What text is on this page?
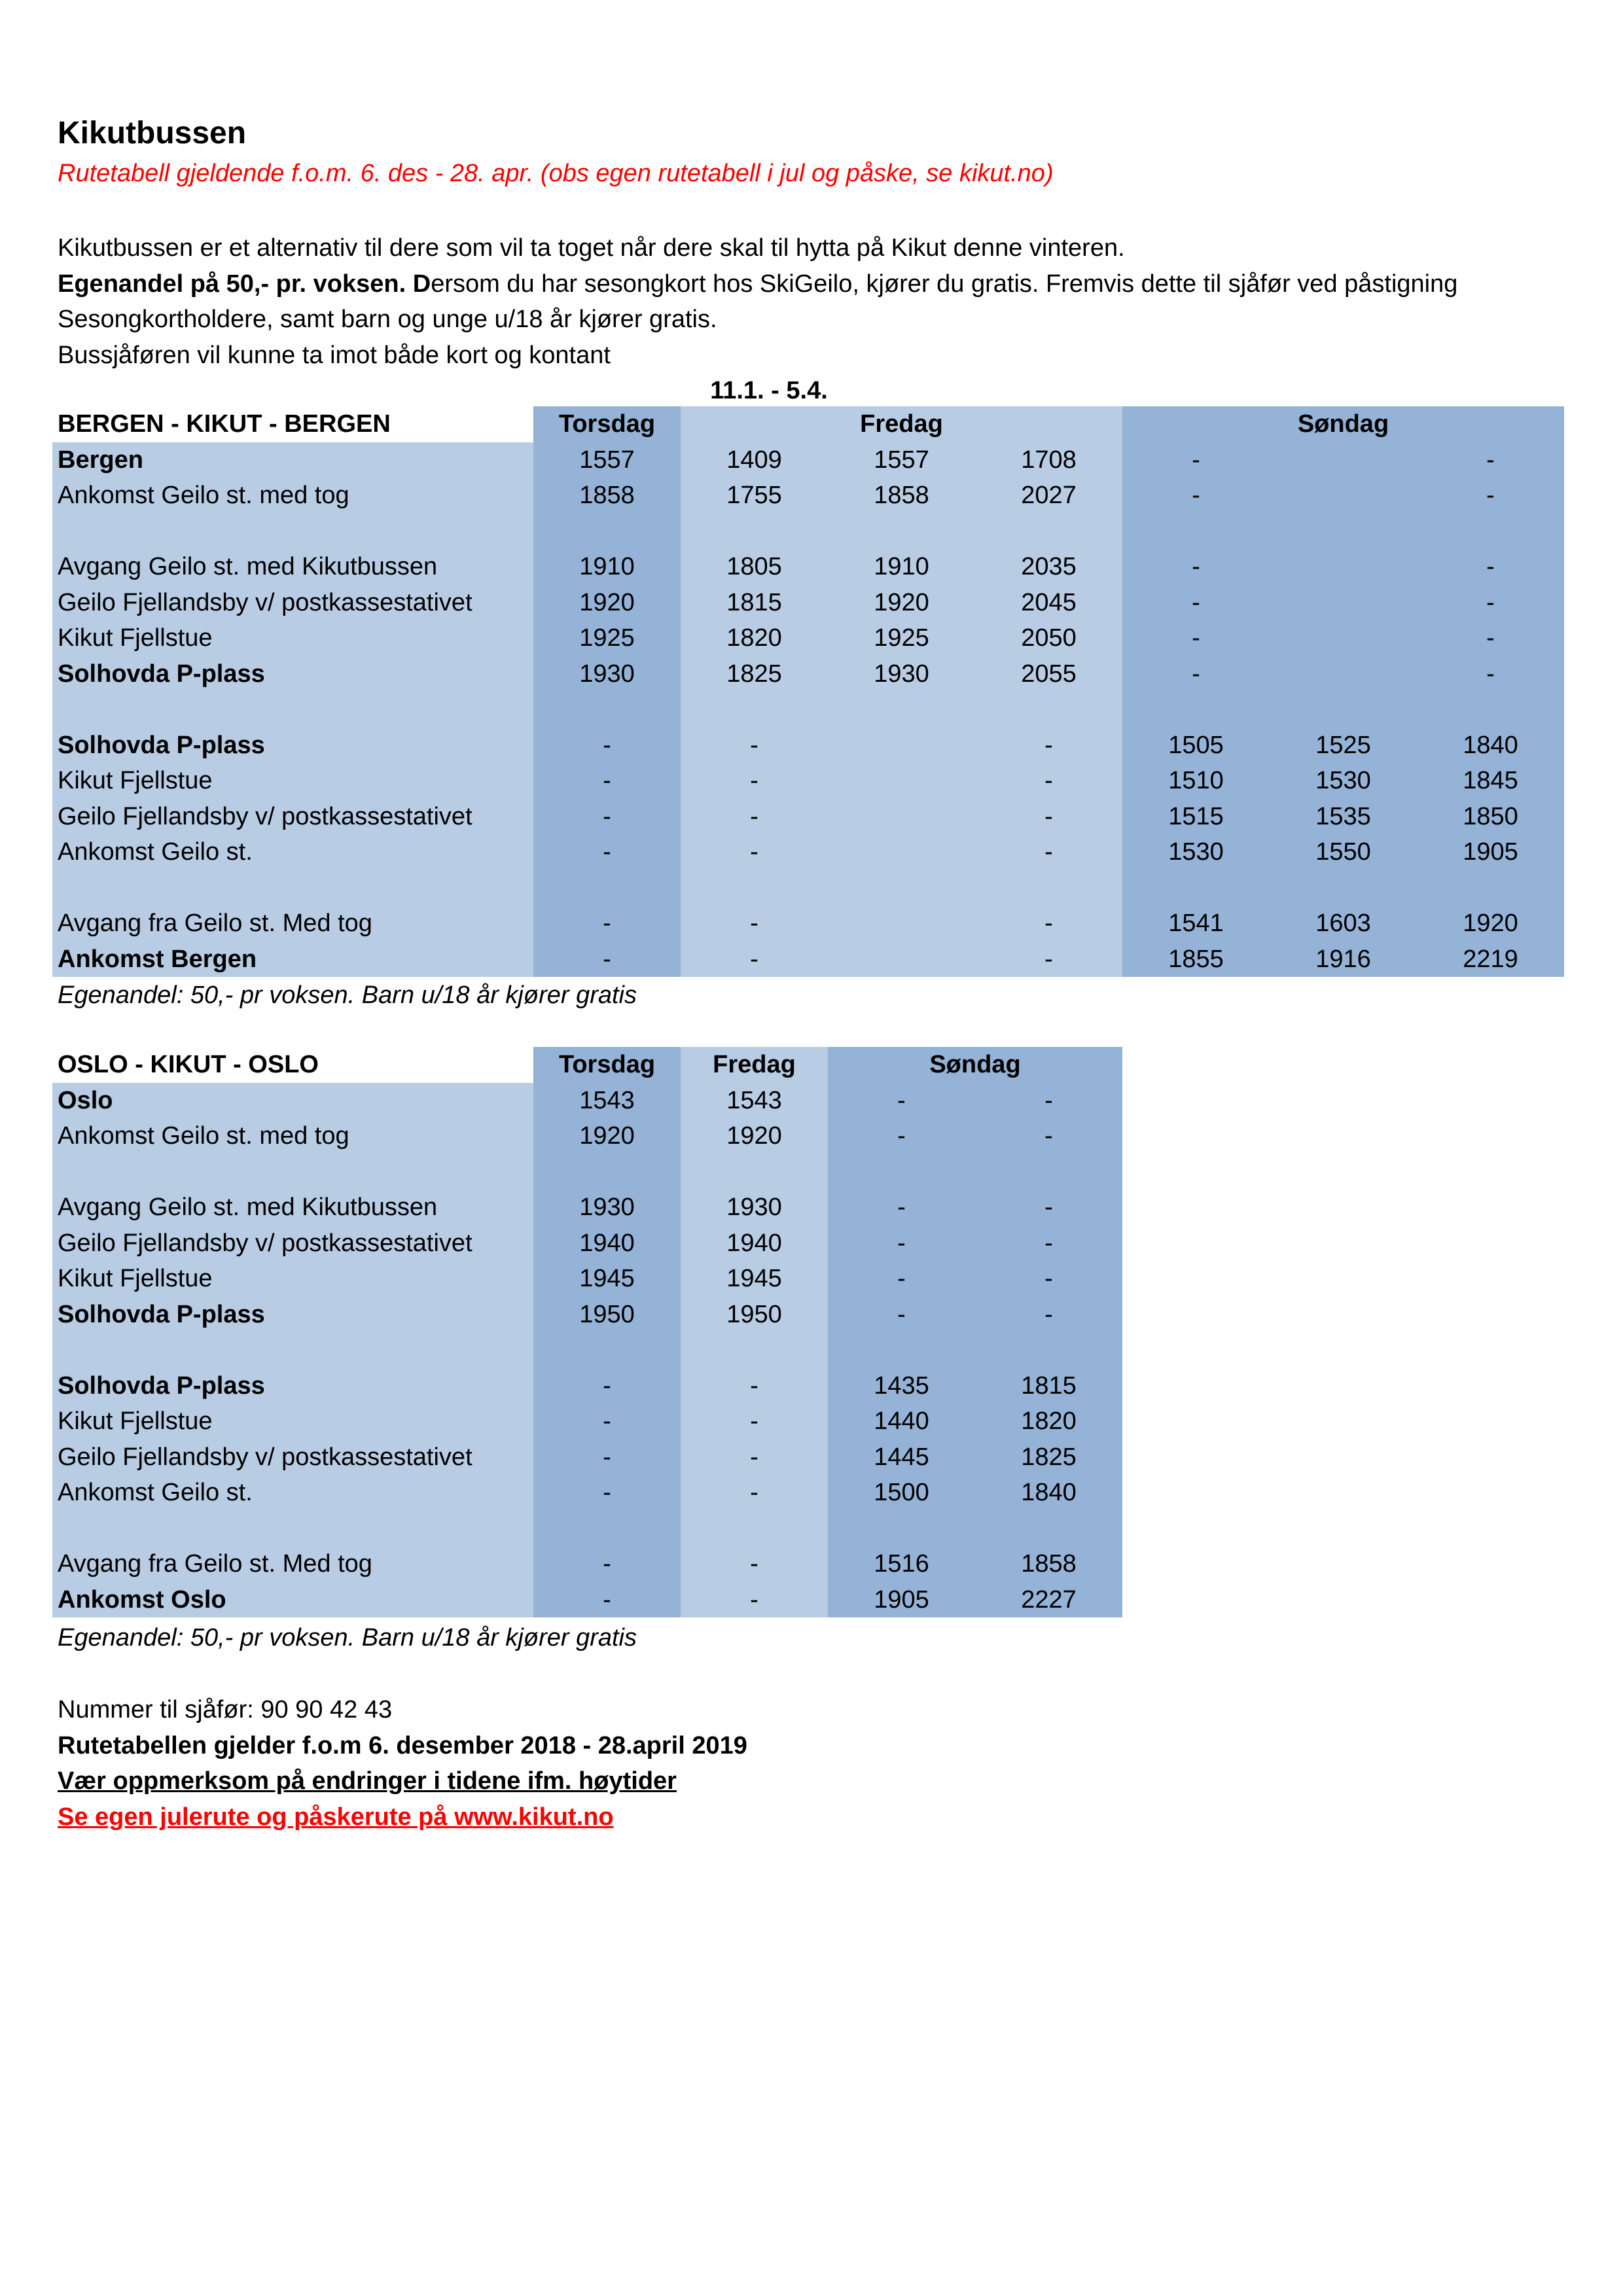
Kikutbussen
Rutetabell gjeldende f.o.m. 6. des - 28. apr. (obs egen rutetabell i jul og påske, se kikut.no)
Kikutbussen er et alternativ til dere som vil ta toget når dere skal til hytta på Kikut denne vinteren.
Egenandel på 50,- pr. voksen. Dersom du har sesongkort hos SkiGeilo, kjører du gratis. Fremvis dette til sjåfør ved påstigning
Sesongkortholdere, samt barn og unge u/18 år kjører gratis.
Bussjåføren vil kunne ta imot både kort og kontant
11.1. - 5.4.
BERGEN - KIKUT - BERGEN	Torsdag	Fredag			Søndag		
Bergen	1557	1409	1557	1708	-		-
Ankomst Geilo st. med tog	1858	1755	1858	2027	-		-

Avgang Geilo st. med Kikutbussen	1910	1805	1910	2035	-		-
Geilo Fjellandsby v/ postkassestativet	1920	1815	1920	2045	-		-
Kikut Fjellstue	1925	1820	1925	2050	-		-
Solhovda P-plass	1930	1825	1930	2055	-		-

Solhovda P-plass	-	-		-	1505	1525	1840
Kikut Fjellstue	-	-		-	1510	1530	1845
Geilo Fjellandsby v/ postkassestativet	-	-		-	1515	1535	1850
Ankomst Geilo st.	-	-		-	1530	1550	1905

Avgang fra Geilo st. Med tog	-	-		-	1541	1603	1920
Ankomst Bergen	-	-		-	1855	1916	2219
Egenandel: 50,- pr voksen. Barn u/18 år kjører gratis
OSLO - KIKUT - OSLO	Torsdag	Fredag	Søndag	
Oslo	1543	1543	-	-
Ankomst Geilo st. med tog	1920	1920	-	-

Avgang Geilo st. med Kikutbussen	1930	1930	-	-
Geilo Fjellandsby v/ postkassestativet	1940	1940	-	-
Kikut Fjellstue	1945	1945	-	-
Solhovda P-plass	1950	1950	-	-

Solhovda P-plass	-	-	1435	1815
Kikut Fjellstue	-	-	1440	1820
Geilo Fjellandsby v/ postkassestativet	-	-	1445	1825
Ankomst Geilo st.	-	-	1500	1840

Avgang fra Geilo st. Med tog	-	-	1516	1858
Ankomst Oslo	-	-	1905	2227
Egenandel: 50,- pr voksen. Barn u/18 år kjører gratis
Nummer til sjåfør: 90 90 42 43
Rutetabellen gjelder f.o.m 6. desember 2018 - 28.april 2019
Vær oppmerksom på endringer i tidene ifm. høytider
Se egen julerute og påskerute på www.kikut.no
